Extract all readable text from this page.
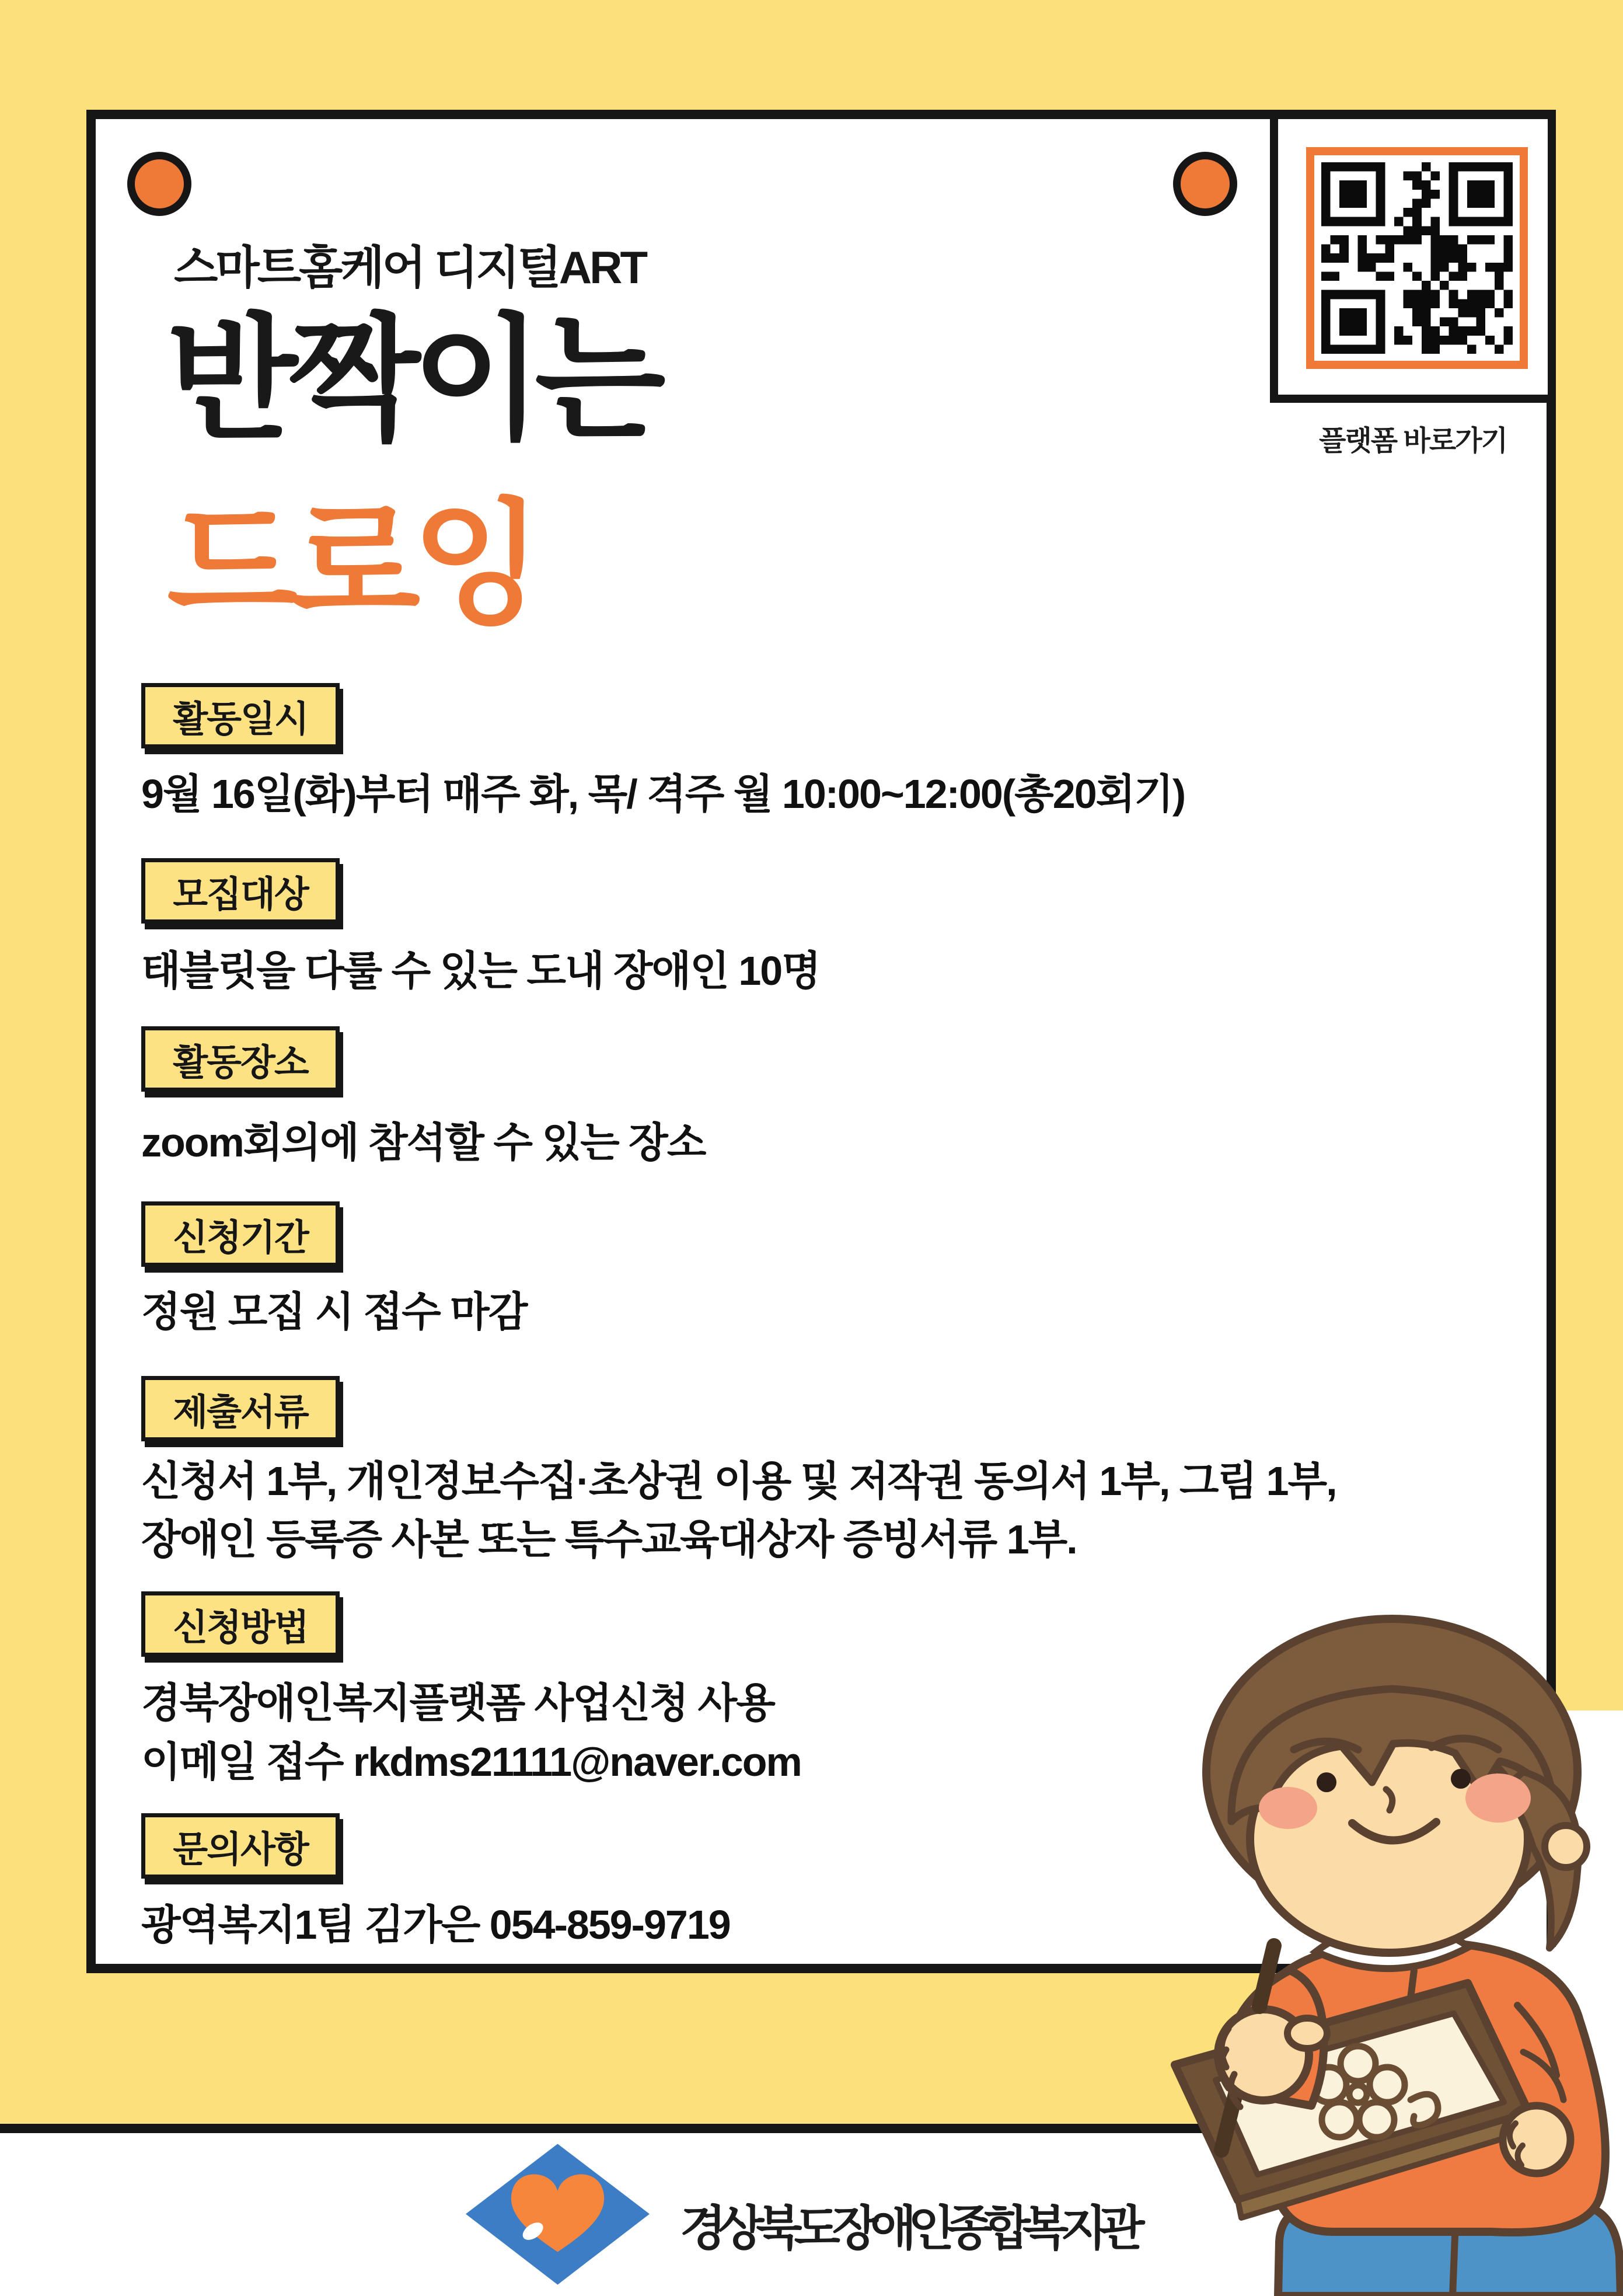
스마트홈케어 디지털ART
반짝이는
드로잉
플랫폼 바로가기
활동일시
9월 16일(화)부터 매주 화, 목/ 격주 월 10:00~12:00(총20회기)
모집대상
태블릿을 다룰 수 있는 도내 장애인 10명
활동장소
zoom회의에 참석할 수 있는 장소
신청기간
정원 모집 시 접수 마감
제출서류
신청서 1부, 개인정보수집·초상권 이용 및 저작권 동의서 1부, 그림 1부,
장애인 등록증 사본 또는 특수교육대상자 증빙서류 1부.
신청방법
경북장애인복지플랫폼 사업신청 사용
이메일 접수 rkdms21111@naver.com
문의사항
광역복지1팀 김가은 054-859-9719
경상북도장애인종합복지관
